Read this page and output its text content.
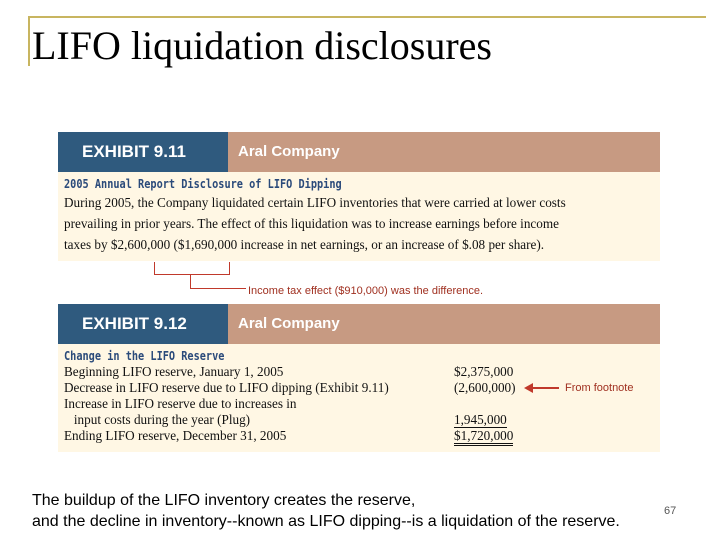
LIFO liquidation disclosures
EXHIBIT 9.11	Aral Company
2005 Annual Report Disclosure of LIFO Dipping
During 2005, the Company liquidated certain LIFO inventories that were carried at lower costs
prevailing in prior years. The effect of this liquidation was to increase earnings before income
taxes by $2,600,000 ($1,690,000 increase in net earnings, or an increase of $.08 per share).
Income tax effect ($910,000) was the difference.
EXHIBIT 9.12	Aral Company
Change in the LIFO Reserve
Beginning LIFO reserve, January 1, 2005	$2,375,000	
Decrease in LIFO reserve due to LIFO dipping (Exhibit 9.11)	(2,600,000)	From footnote

Increase in LIFO reserve due to increases in		
input costs during the year (Plug)	1,945,000	
Ending LIFO reserve, December 31, 2005	$1,720,000	
The buildup of the LIFO inventory creates the reserve,
and the decline in inventory--known as LIFO dipping--is a liquidation of the reserve.
67
